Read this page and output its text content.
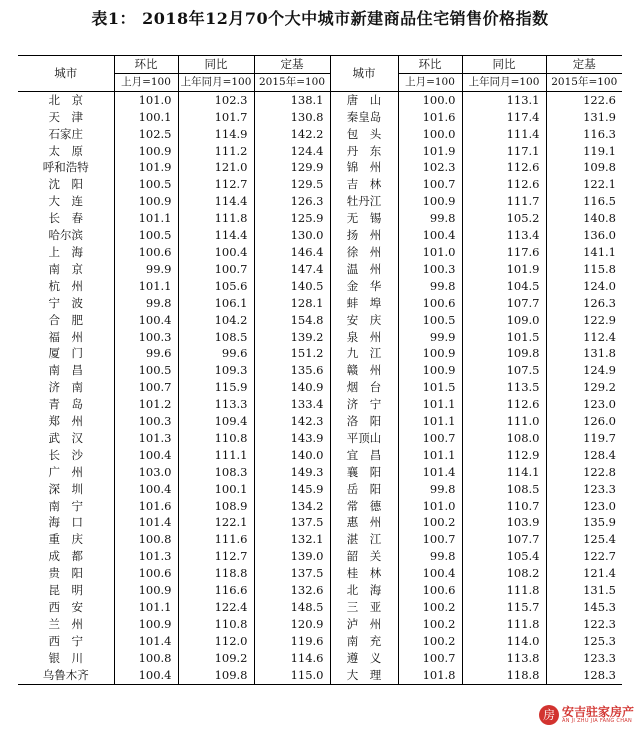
表1： 2018年12月70个大中城市新建商品住宅销售价格指数
城市	环比	同比	定基	城市	环比	同比	定基
	上月=100	上年同月=100	2015年=100		上月=100	上年同月=100	2015年=100
北　京	101.0	102.3	138.1	唐　山	100.0	113.1	122.6
天　津	100.1	101.7	130.8	秦皇岛	101.6	117.4	131.9
石家庄	102.5	114.9	142.2	包　头	100.0	111.4	116.3
太　原	100.9	111.2	124.4	丹　东	101.9	117.1	119.1
呼和浩特	101.9	121.0	129.9	锦　州	102.3	112.6	109.8
沈　阳	100.5	112.7	129.5	吉　林	100.7	112.6	122.1
大　连	100.9	114.4	126.3	牡丹江	100.9	111.7	116.5
长　春	101.1	111.8	125.9	无　锡	99.8	105.2	140.8
哈尔滨	100.5	114.4	130.0	扬　州	100.4	113.4	136.0
上　海	100.6	100.4	146.4	徐　州	101.0	117.6	141.1
南　京	99.9	100.7	147.4	温　州	100.3	101.9	115.8
杭　州	101.1	105.6	140.5	金　华	99.8	104.5	124.0
宁　波	99.8	106.1	128.1	蚌　埠	100.6	107.7	126.3
合　肥	100.4	104.2	154.8	安　庆	100.5	109.0	122.9
福　州	100.3	108.5	139.2	泉　州	99.9	101.5	112.4
厦　门	99.6	99.6	151.2	九　江	100.9	109.8	131.8
南　昌	100.5	109.3	135.6	赣　州	100.9	107.5	124.9
济　南	100.7	115.9	140.9	烟　台	101.5	113.5	129.2
青　岛	101.2	113.3	133.4	济　宁	101.1	112.6	123.0
郑　州	100.3	109.4	142.3	洛　阳	101.1	111.0	126.0
武　汉	101.3	110.8	143.9	平顶山	100.7	108.0	119.7
长　沙	100.4	111.1	140.0	宜　昌	101.1	112.9	128.4
广　州	103.0	108.3	149.3	襄　阳	101.4	114.1	122.8
深　圳	100.4	100.1	145.9	岳　阳	99.8	108.5	123.3
南　宁	101.6	108.9	134.2	常　德	101.0	110.7	123.0
海　口	101.4	122.1	137.5	惠　州	100.2	103.9	135.9
重　庆	100.8	111.6	132.1	湛　江	100.7	107.7	125.4
成　都	101.3	112.7	139.0	韶　关	99.8	105.4	122.7
贵　阳	100.6	118.8	137.5	桂　林	100.4	108.2	121.4
昆　明	100.9	116.6	132.6	北　海	100.6	111.8	131.5
西　安	101.1	122.4	148.5	三　亚	100.2	115.7	145.3
兰　州	100.9	110.8	120.9	泸　州	100.2	111.8	122.3
西　宁	101.4	112.0	119.6	南　充	100.2	114.0	125.3
银　川	100.8	109.2	114.6	遵　义	100.7	113.8	123.3
乌鲁木齐	100.4	109.8	115.0	大　理	101.8	118.8	128.3
房 安吉驻家房产
AN JI ZHU JIA FANG CHAN
